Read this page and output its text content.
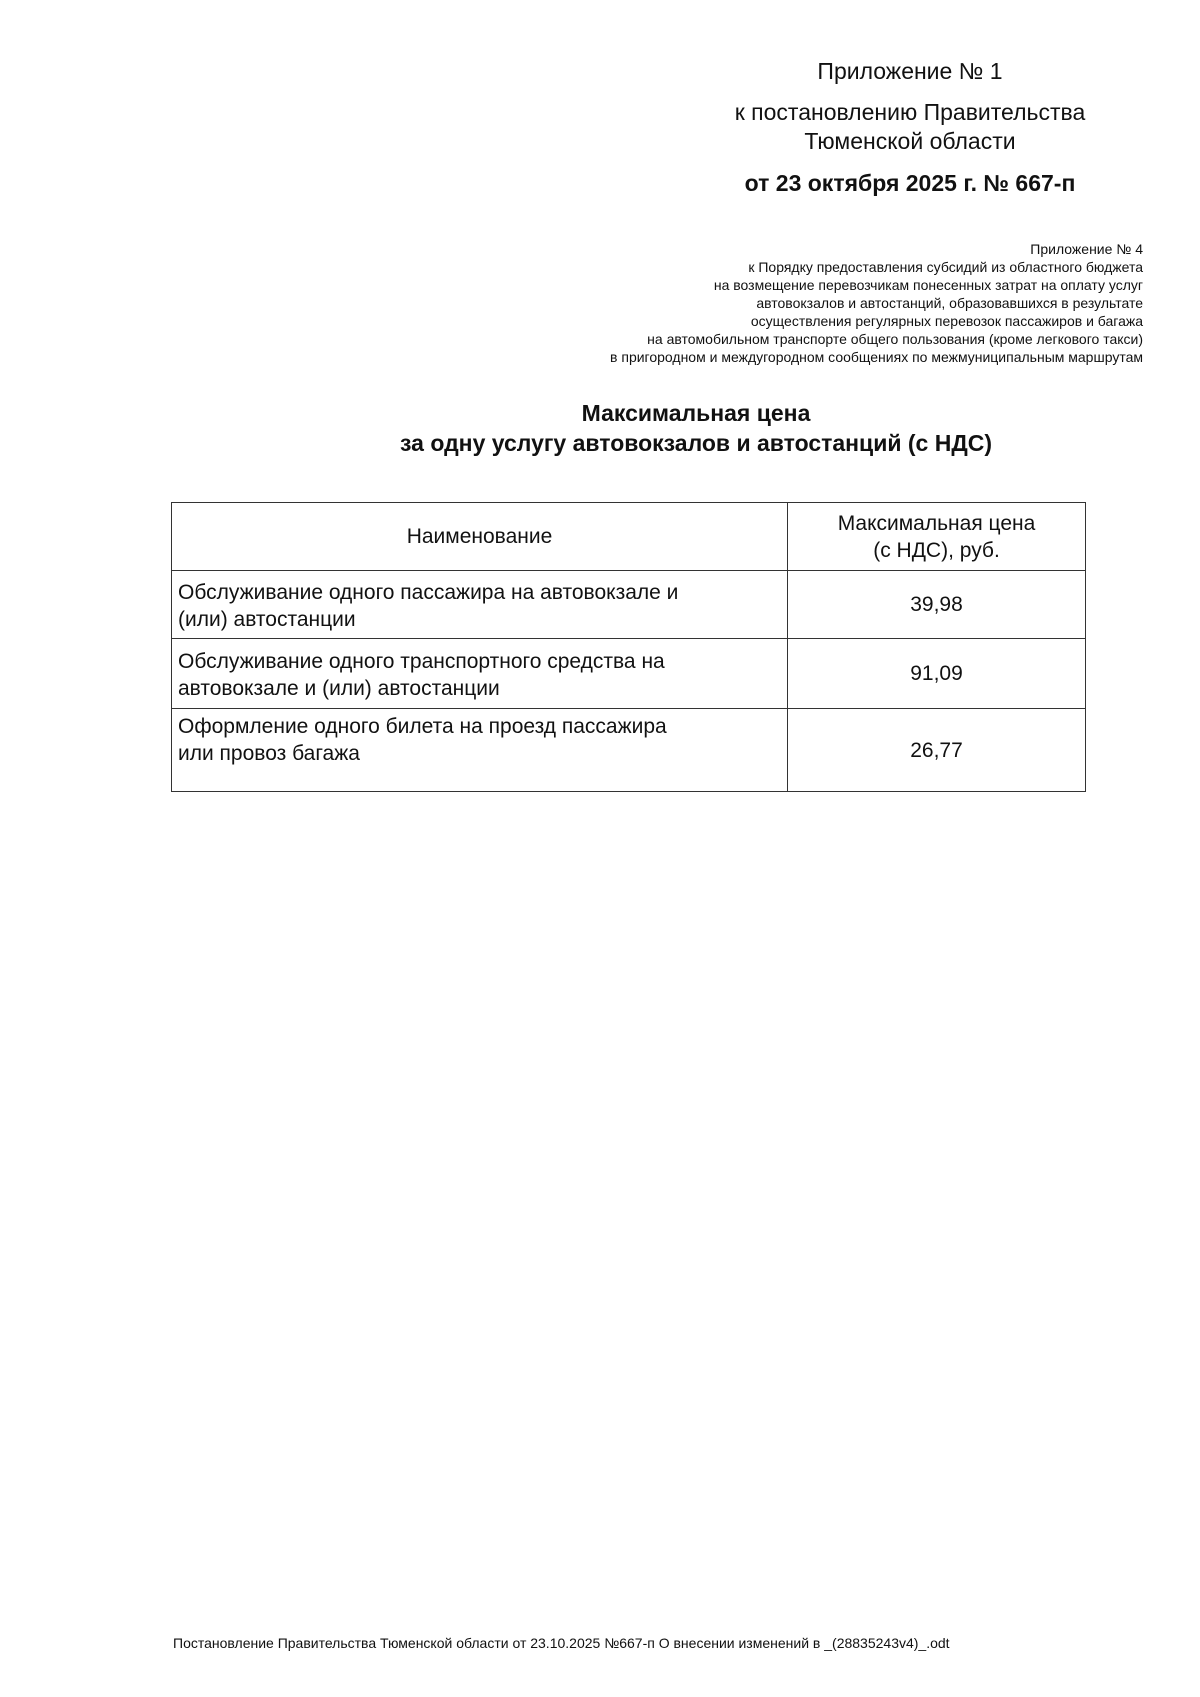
Приложение № 1
к постановлению Правительства
Тюменской области
от 23 октября 2025 г. № 667-п
Приложение № 4
к Порядку предоставления субсидий из областного бюджета
на возмещение перевозчикам понесенных затрат на оплату услуг
автовокзалов и автостанций, образовавшихся в результате
осуществления регулярных перевозок пассажиров и багажа
на автомобильном транспорте общего пользования (кроме легкового такси)
в пригородном и междугородном сообщениях по межмуниципальным маршрутам
Максимальная цена
за одну услугу автовокзалов и автостанций (с НДС)
Наименование	Максимальная цена
(с НДС), руб.

Обслуживание одного пассажира на автовокзале и
(или) автостанции	39,98

Обслуживание одного транспортного средства на
автовокзале и (или) автостанции	91,09

Оформление одного билета на проезд пассажира
или провоз багажа	26,77
Постановление Правительства Тюменской области от 23.10.2025 №667-п О внесении изменений в _(28835243v4)_.odt
